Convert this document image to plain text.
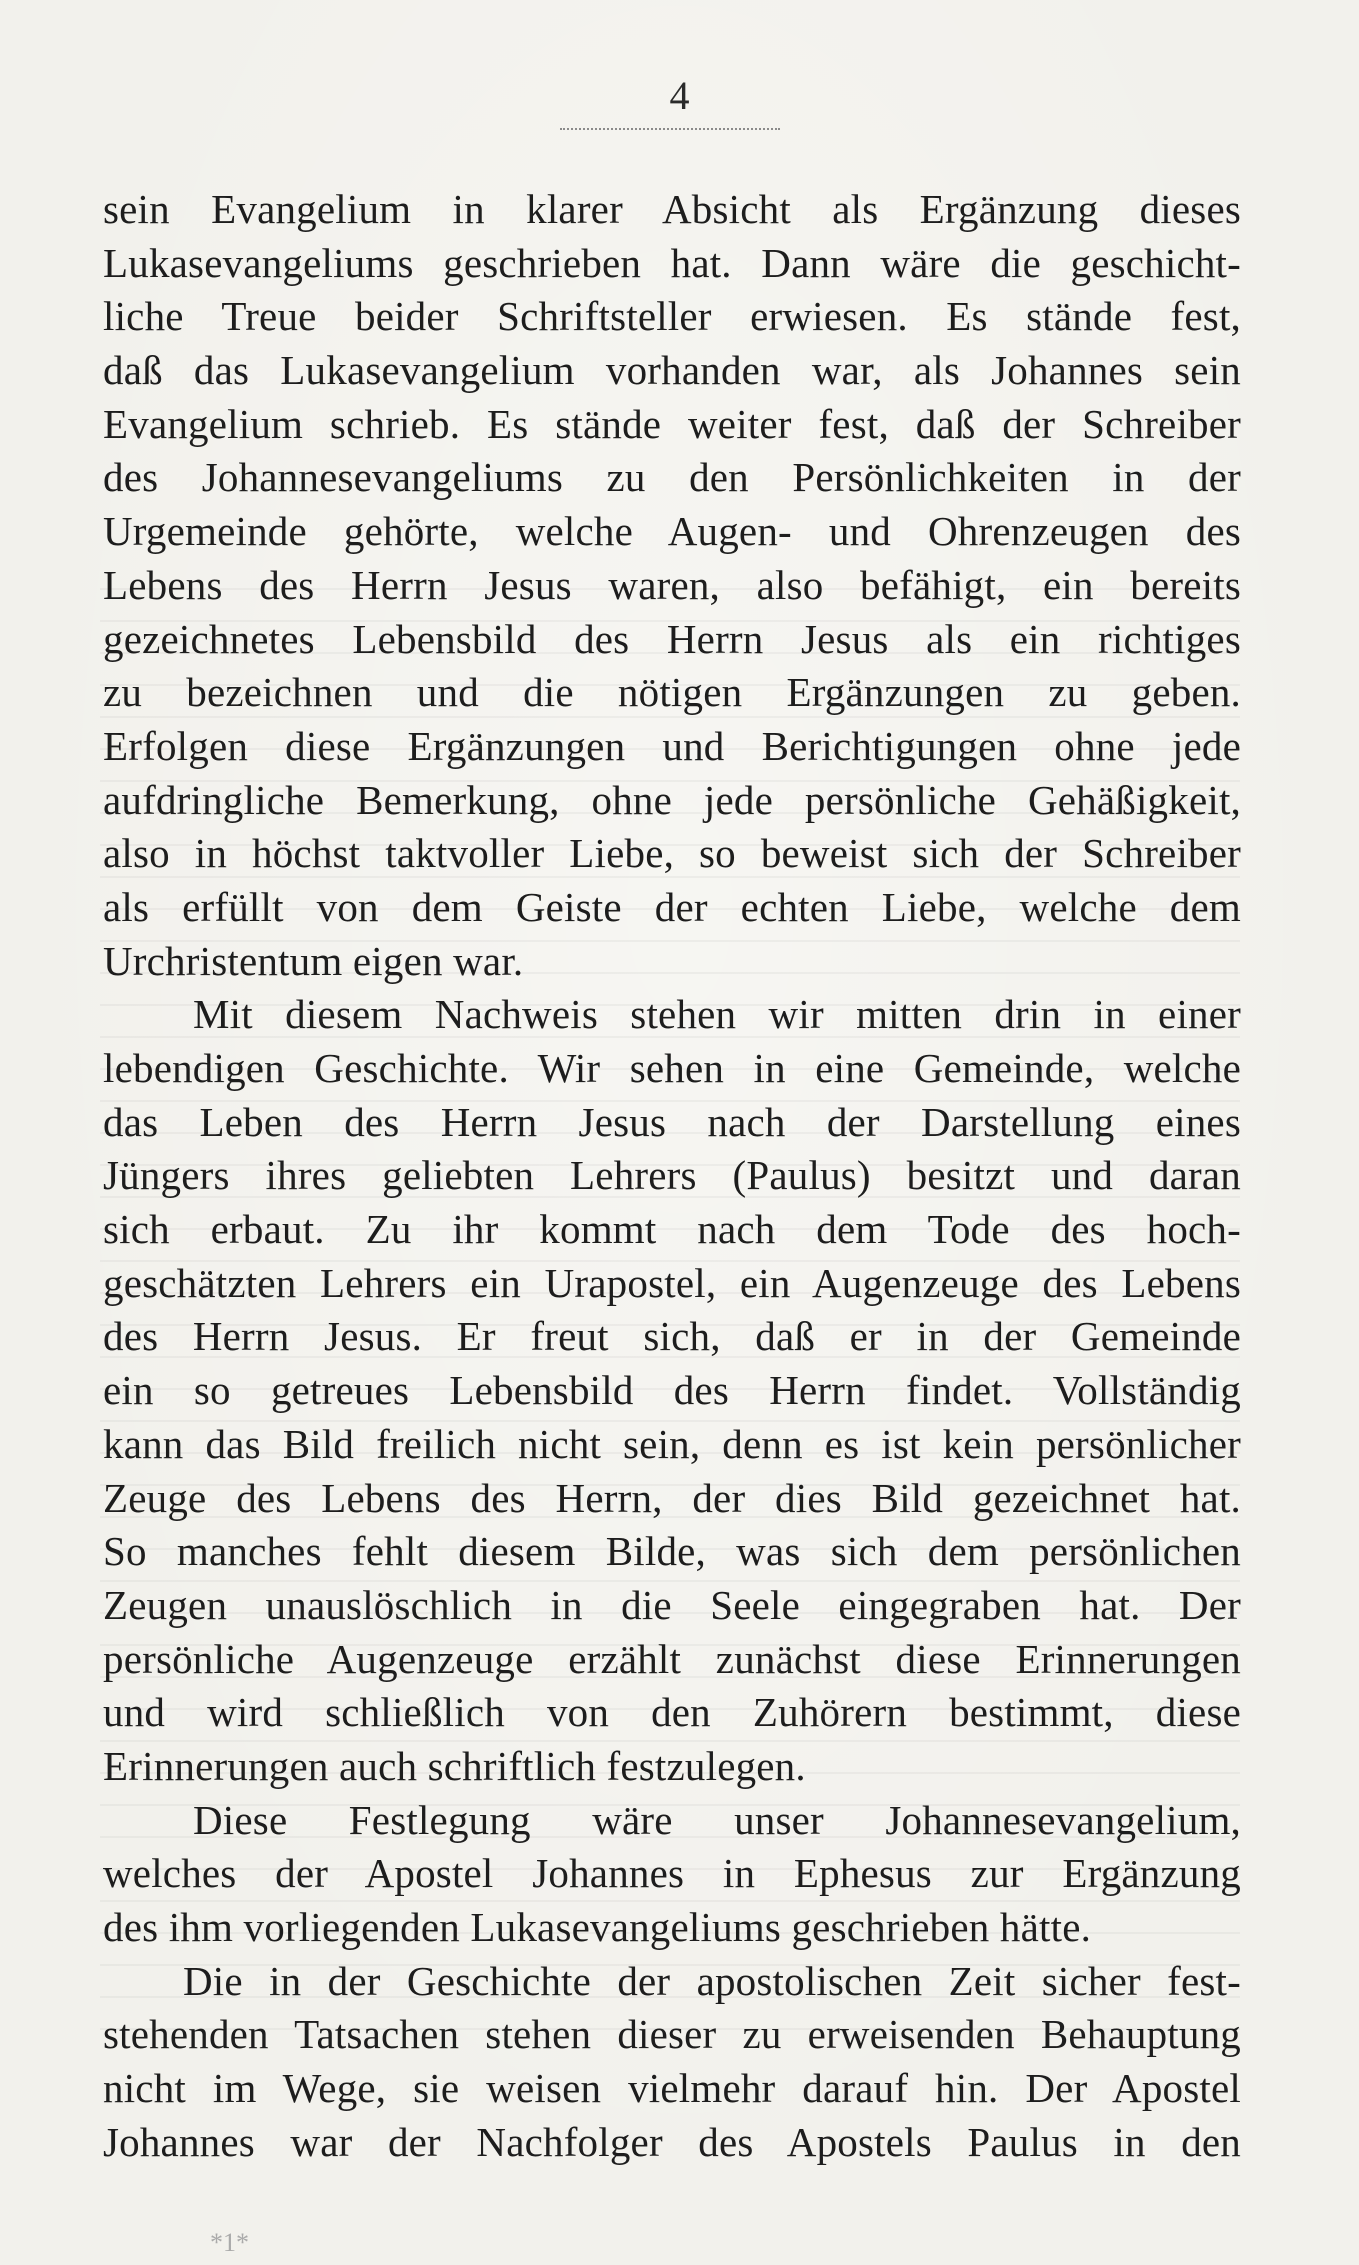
4
sein Evangelium in klarer Absicht als Ergänzung dieses
Lukasevangeliums geschrieben hat. Dann wäre die geschicht-
liche Treue beider Schriftsteller erwiesen. Es stände fest,
daß das Lukasevangelium vorhanden war, als Johannes sein
Evangelium schrieb. Es stände weiter fest, daß der Schreiber
des Johannesevangeliums zu den Persönlichkeiten in der
Urgemeinde gehörte, welche Augen- und Ohrenzeugen des
Lebens des Herrn Jesus waren, also befähigt, ein bereits
gezeichnetes Lebensbild des Herrn Jesus als ein richtiges
zu bezeichnen und die nötigen Ergänzungen zu geben.
Erfolgen diese Ergänzungen und Berichtigungen ohne jede
aufdringliche Bemerkung, ohne jede persönliche Gehäßigkeit,
also in höchst taktvoller Liebe, so beweist sich der Schreiber
als erfüllt von dem Geiste der echten Liebe, welche dem
Urchristentum eigen war.
Mit diesem Nachweis stehen wir mitten drin in einer
lebendigen Geschichte. Wir sehen in eine Gemeinde, welche
das Leben des Herrn Jesus nach der Darstellung eines
Jüngers ihres geliebten Lehrers (Paulus) besitzt und daran
sich erbaut. Zu ihr kommt nach dem Tode des hoch-
geschätzten Lehrers ein Urapostel, ein Augenzeuge des Lebens
des Herrn Jesus. Er freut sich, daß er in der Gemeinde
ein so getreues Lebensbild des Herrn findet. Vollständig
kann das Bild freilich nicht sein, denn es ist kein persönlicher
Zeuge des Lebens des Herrn, der dies Bild gezeichnet hat.
So manches fehlt diesem Bilde, was sich dem persönlichen
Zeugen unauslöschlich in die Seele eingegraben hat. Der
persönliche Augenzeuge erzählt zunächst diese Erinnerungen
und wird schließlich von den Zuhörern bestimmt, diese
Erinnerungen auch schriftlich festzulegen.
Diese Festlegung wäre unser Johannesevangelium,
welches der Apostel Johannes in Ephesus zur Ergänzung
des ihm vorliegenden Lukasevangeliums geschrieben hätte.
Die in der Geschichte der apostolischen Zeit sicher fest-
stehenden Tatsachen stehen dieser zu erweisenden Behauptung
nicht im Wege, sie weisen vielmehr darauf hin. Der Apostel
Johannes war der Nachfolger des Apostels Paulus in den
*1*
